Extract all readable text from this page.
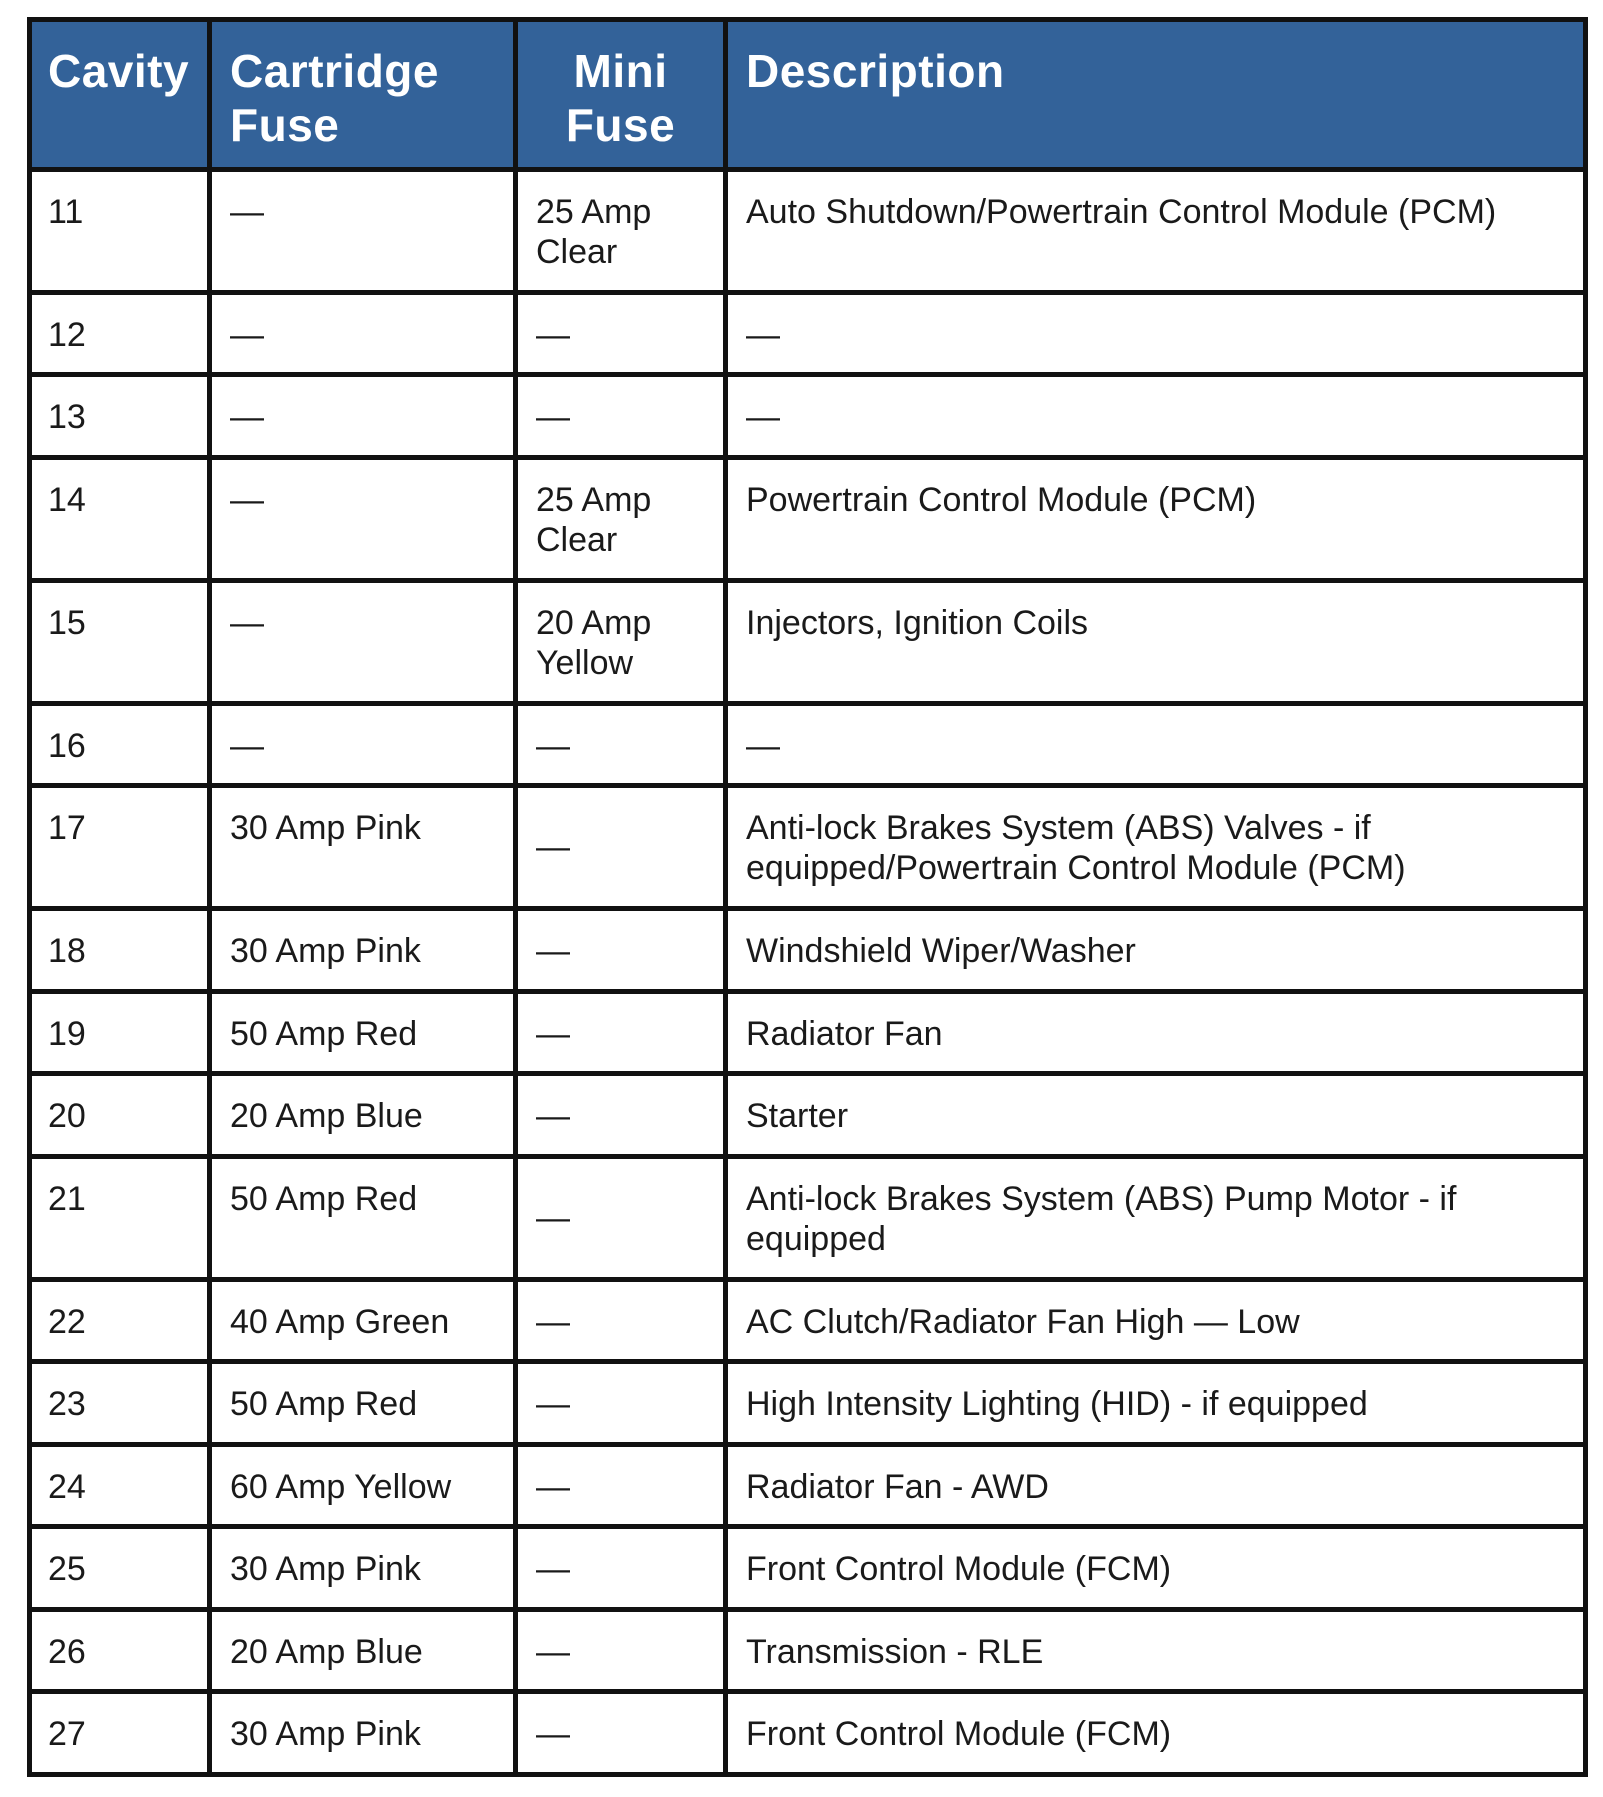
Cavity	Cartridge Fuse	Mini Fuse	Description
11	—	25 Amp Clear	Auto Shutdown/Powertrain Control Module (PCM)
12	—	—	—
13	—	—	—
14	—	25 Amp Clear	Powertrain Control Module (PCM)
15	—	20 Amp Yellow	Injectors, Ignition Coils
16	—	—	—
17	30 Amp Pink	—	Anti-lock Brakes System (ABS) Valves - if equipped/Powertrain Control Module (PCM)
18	30 Amp Pink	—	Windshield Wiper/Washer
19	50 Amp Red	—	Radiator Fan
20	20 Amp Blue	—	Starter
21	50 Amp Red	—	Anti-lock Brakes System (ABS) Pump Motor - if equipped
22	40 Amp Green	—	AC Clutch/Radiator Fan High — Low
23	50 Amp Red	—	High Intensity Lighting (HID) - if equipped
24	60 Amp Yellow	—	Radiator Fan - AWD
25	30 Amp Pink	—	Front Control Module (FCM)
26	20 Amp Blue	—	Transmission - RLE
27	30 Amp Pink	—	Front Control Module (FCM)
